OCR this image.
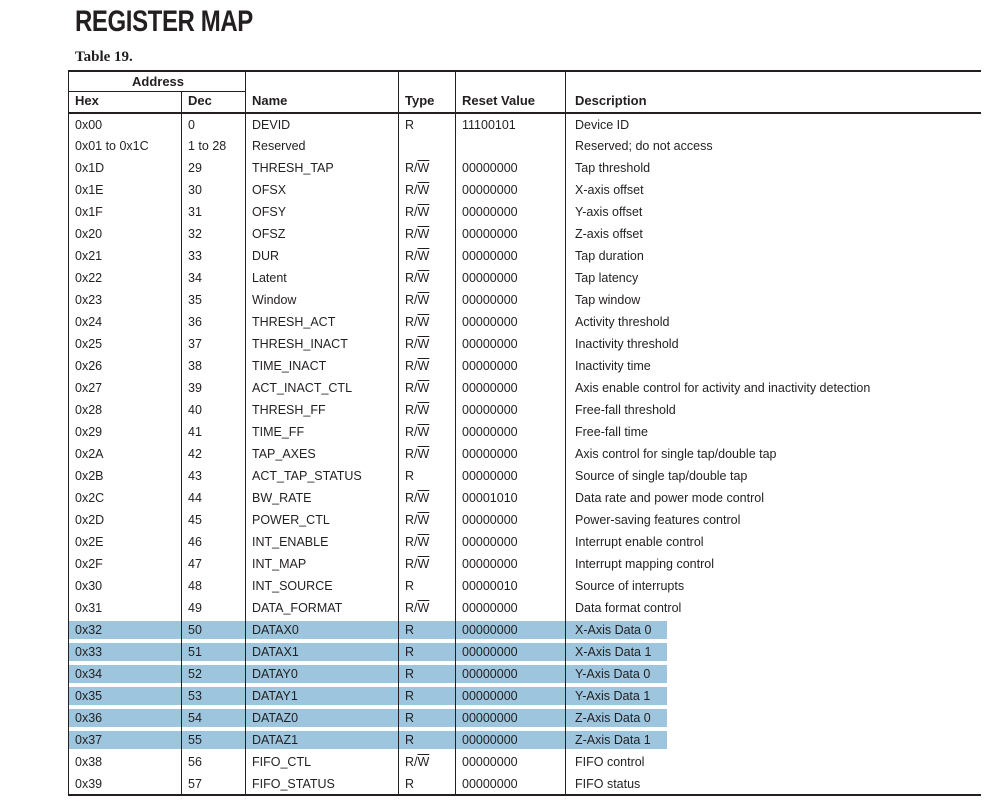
REGISTER MAP
Table 19.
Address		Name	Type	Reset Value	Description
Hex	Dec				
0x00	0	DEVID	R	11100101	Device ID
0x01 to 0x1C	1 to 28	Reserved			Reserved; do not access
0x1D	29	THRESH_TAP	$R/\overline{W}$	00000000	Tap threshold
0x1E	30	OFSX	$R/\overline{W}$	00000000	X-axis offset
0x1F	31	OFSY	$R/\overline{W}$	00000000	Y-axis offset
0x20	32	OFSZ	$R/\overline{W}$	00000000	Z-axis offset
0x21	33	DUR	$R/\overline{W}$	00000000	Tap duration
0x22	34	Latent	$R/\overline{W}$	00000000	Tap latency
0x23	35	Window	$R/\overline{W}$	00000000	Tap window
0x24	36	THRESH_ACT	$R/\overline{W}$	00000000	Activity threshold
0x25	37	THRESH_INACT	$R/\overline{W}$	00000000	Inactivity threshold
0x26	38	TIME_INACT	$R/\overline{W}$	00000000	Inactivity time
0x27	39	ACT_INACT_CTL	$R/\overline{W}$	00000000	Axis enable control for activity and inactivity detection
0x28	40	THRESH_FF	$R/\overline{W}$	00000000	Free-fall threshold
0x29	41	TIME_FF	$R/\overline{W}$	00000000	Free-fall time
0x2A	42	TAP_AXES	$R/\overline{W}$	00000000	Axis control for single tap/double tap
0x2B	43	ACT_TAP_STATUS	R	00000000	Source of single tap/double tap
0x2C	44	BW_RATE	$R/\overline{W}$	00001010	Data rate and power mode control
0x2D	45	POWER_CTL	$R/\overline{W}$	00000000	Power-saving features control
0x2E	46	INT_ENABLE	$R/\overline{W}$	00000000	Interrupt enable control
0x2F	47	INT_MAP	$R/\overline{W}$	00000000	Interrupt mapping control
0x30	48	INT_SOURCE	R	00000010	Source of interrupts
0x31	49	DATA_FORMAT	$R/\overline{W}$	00000000	Data format control
0x32	50	DATAX0	R	00000000	X-Axis Data 0
0x33	51	DATAX1	R	00000000	X-Axis Data 1
0x34	52	DATAY0	R	00000000	Y-Axis Data 0
0x35	53	DATAY1	R	00000000	Y-Axis Data 1
0x36	54	DATAZ0	R	00000000	Z-Axis Data 0
0x37	55	DATAZ1	R	00000000	Z-Axis Data 1
0x38	56	FIFO_CTL	$R/\overline{W}$	00000000	FIFO control
0x39	57	FIFO_STATUS	R	00000000	FIFO status
